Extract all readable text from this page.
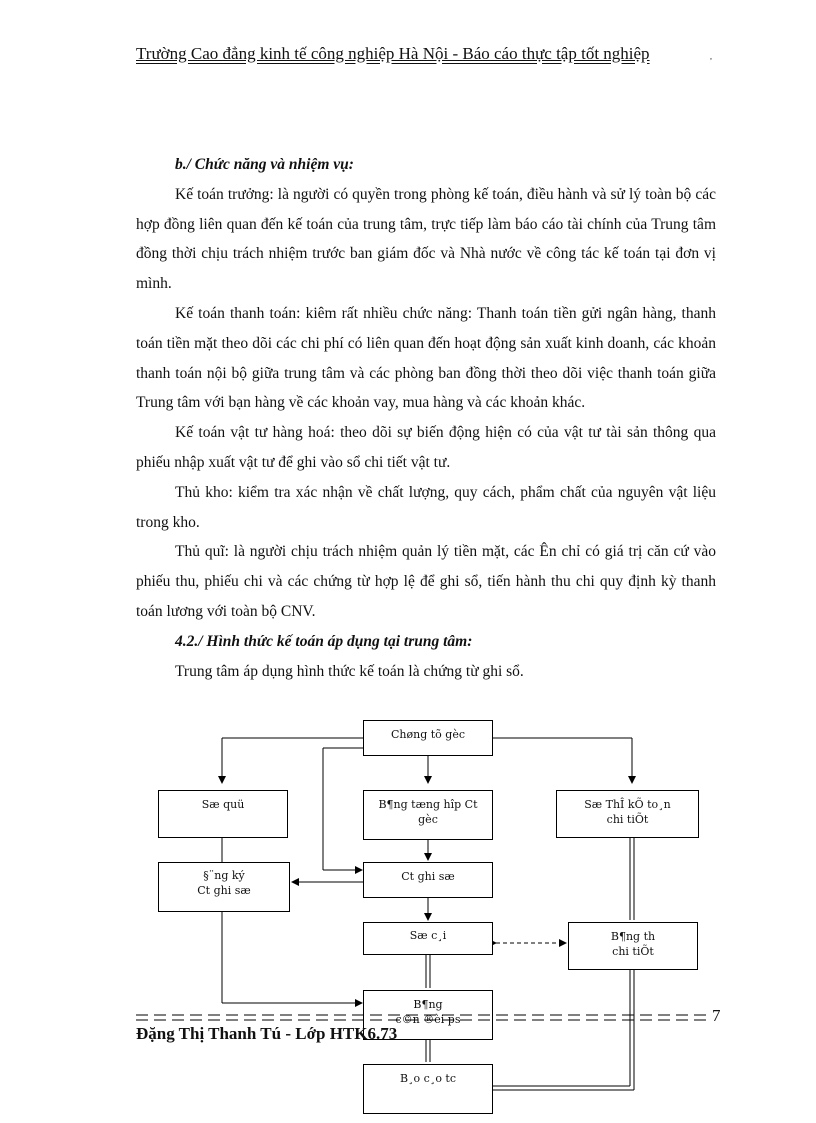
Trường Cao đẳng kinh tế công nghiệp Hà Nội - Báo cáo thực tập tốt nghiệp	,

b./ Chức năng và nhiệm vụ:

Kế toán trưởng: là người có quyền trong phòng kế toán, điều hành và sử lý toàn bộ các hợp đồng liên quan đến kế toán của trung tâm, trực tiếp làm báo cáo tài chính của Trung tâm đồng thời chịu trách nhiệm trước ban giám đốc và Nhà nước về công tác kế toán tại đơn vị mình.

Kế toán thanh toán: kiêm rất nhiều chức năng: Thanh toán tiền gửi ngân hàng, thanh toán tiền mặt theo dõi các chi phí có liên quan đến hoạt động sản xuất kinh doanh, các khoản thanh toán nội bộ giữa trung tâm và các phòng ban đồng thời theo dõi việc thanh toán giữa Trung tâm với bạn hàng về các khoản vay, mua hàng và các khoản khác.

Kế toán vật tư hàng hoá: theo dõi sự biến động hiện có của vật tư tài sản thông qua phiếu nhập xuất vật tư để ghi vào sổ chi tiết vật tư.

Thủ kho: kiểm tra xác nhận về chất lượng, quy cách, phẩm chất của nguyên vật liệu trong kho.

Thủ quĩ: là người chịu trách nhiệm quản lý tiền mặt, các Ên chỉ có giá trị căn cứ vào phiếu thu, phiếu chi và các chứng từ hợp lệ để ghi sổ, tiến hành thu chi quy định kỳ thanh toán lương với toàn bộ CNV.

4.2./ Hình thức kế toán áp dụng tại trung tâm:

Trung tâm áp dụng hình thức kế toán là chứng từ ghi sổ.

Chøng tõ gèc
Sæ quü	B¶ng tæng hîp Ct
gèc
Sæ ThÎ kÕ to¸n
chi tiÕt
§¨ng ký
Ct ghi sæ
Ct ghi sæ
Sæ c¸i	B¶ng th
chi tiÕt
B¶ng
c©n ®èi ps
Đặng Thị Thanh Tú - Lớp HTK6.73
7
B¸o c¸o tc
